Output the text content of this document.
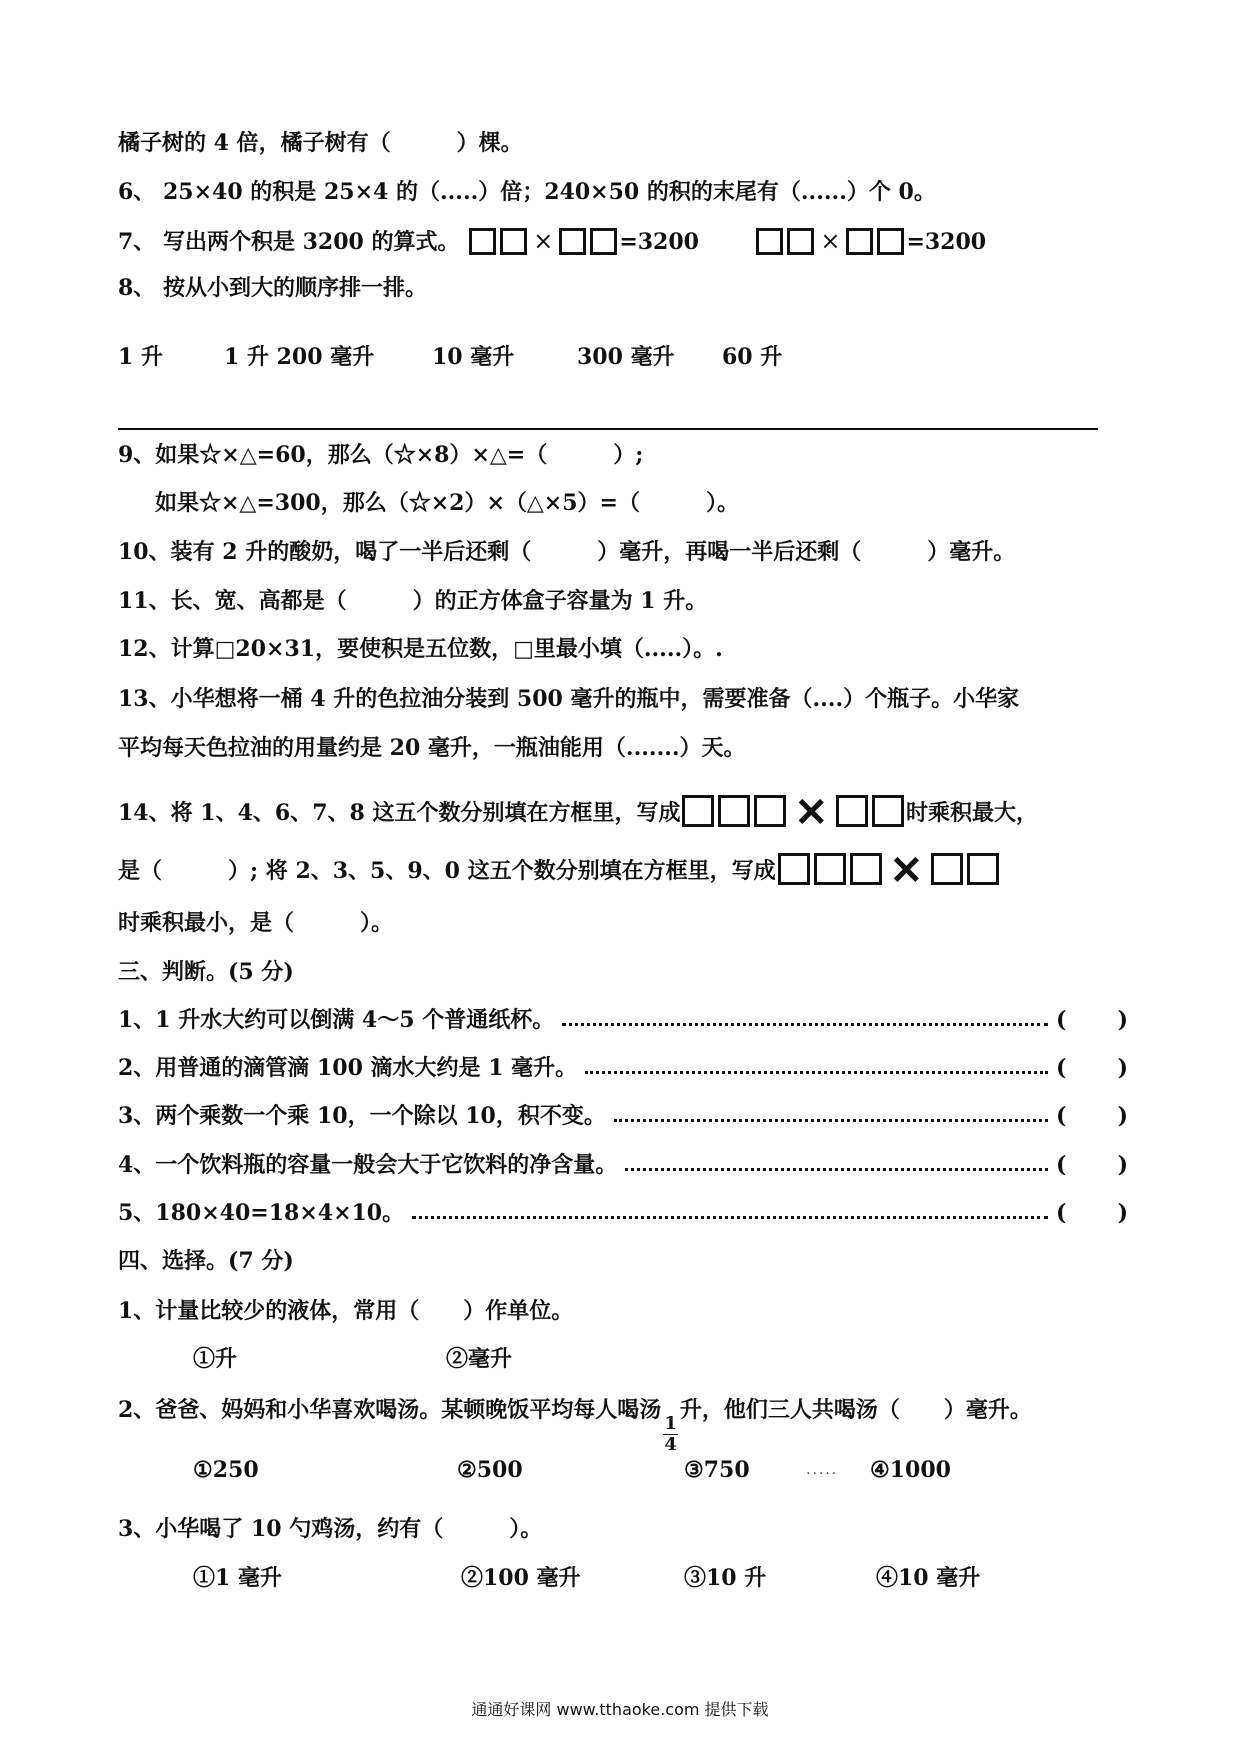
橘子树的 4 倍，橘子树有（　　　）棵。
6、 25×40 的积是 25×4 的（.....）倍；240×50 的积的末尾有（......）个 0。
7、 写出两个积是 3200 的算式。	×	=3200	×	=3200
8、 按从小到大的顺序排一排。
1 升	1 升 200 毫升	10 毫升	300 毫升 60 升
9、如果☆×△=60，那么（☆×8）×△=（　　　）;
如果☆×△=300，那么（☆×2）×（△×5）=（　　　）。
10、装有 2 升的酸奶，喝了一半后还剩（　　　）毫升，再喝一半后还剩（　　　）毫升。
11、长、宽、高都是（　　　）的正方体盒子容量为 1 升。
12、计算□20×31，要使积是五位数，□里最小填（.....）。.
13、小华想将一桶 4 升的色拉油分装到 500 毫升的瓶中，需要准备（....）个瓶子。小华家
平均每天色拉油的用量约是 20 毫升，一瓶油能用（.......）天。
14、将 1、4、6、7、8 这五个数分别填在方框里，写成	✕	时乘积最大，
是（　　　）; 将 2、3、5、9、0 这五个数分别填在方框里，写成	✕
时乘积最小，是（　　　）。
三、判断。(5 分)
1、1 升水大约可以倒满 4～5 个普通纸杯。	( )
2、用普通的滴管滴 100 滴水大约是 1 毫升。	( )
3、两个乘数一个乘 10，一个除以 10，积不变。	( )
4、一个饮料瓶的容量一般会大于它饮料的净含量。	( )
5、180×40=18×4×10。	( )
四、选择。(7 分)
1、计量比较少的液体，常用（　　）作单位。
①升	②毫升
2、爸爸、妈妈和小华喜欢喝汤。某顿晚饭平均每人喝汤
$\frac{1}{4}$
升，他们三人共喝汤（　　）毫升。
①250	②500	③750	..... ④1000
3、小华喝了 10 勺鸡汤，约有（　　　）。
①1 毫升	②100 毫升	③10 升	④10 毫升
通通好课网 www.tthaoke.com 提供下载
